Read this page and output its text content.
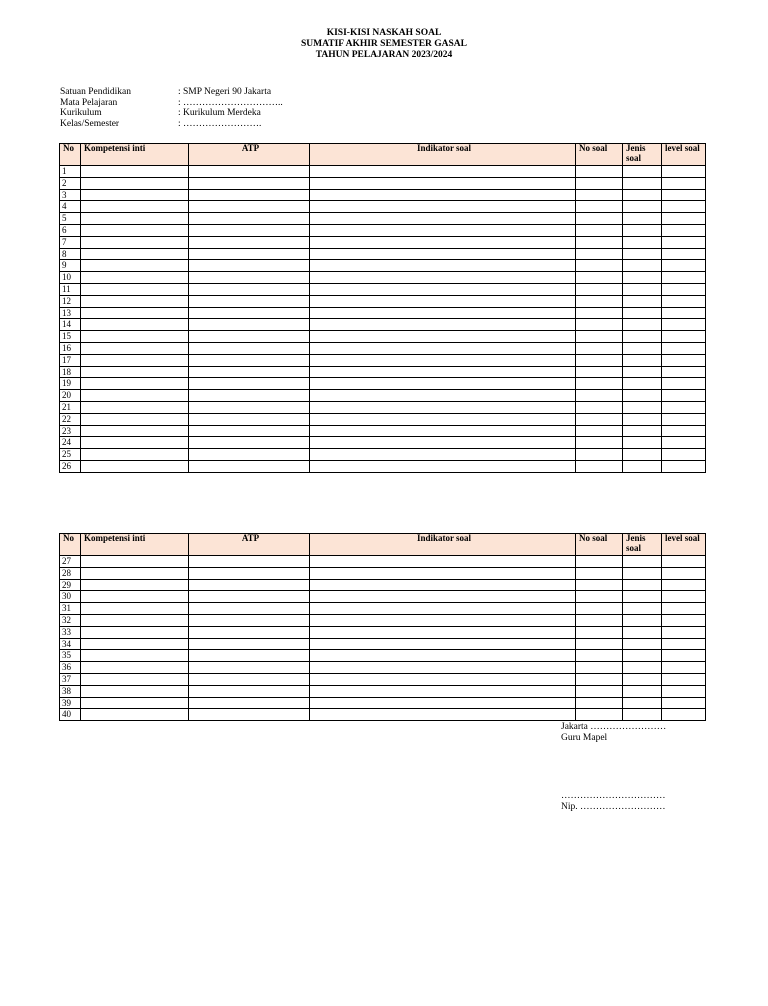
KISI-KISI NASKAH SOAL
SUMATIF AKHIR SEMESTER GASAL
TAHUN PELAJARAN 2023/2024
Satuan Pendidikan	: SMP Negeri 90 Jakarta
Mata Pelajaran	: …………………………..
Kurikulum	: Kurikulum Merdeka
Kelas/Semester	: …………………….
No	Kompetensi inti	ATP	Indikator soal	No soal	Jenis soal	level soal
1						
2						
3						
4						
5						
6						
7						
8						
9						
10						
11						
12						
13						
14						
15						
16						
17						
18						
19						
20						
21						
22						
23						
24						
25						
26						
No	Kompetensi inti	ATP	Indikator soal	No soal	Jenis soal	level soal
27						
28						
29						
30						
31						
32						
33						
34						
35						
36						
37						
38						
39						
40						
Jakarta ……………………
Guru Mapel
……………………………
Nip. ………………………
